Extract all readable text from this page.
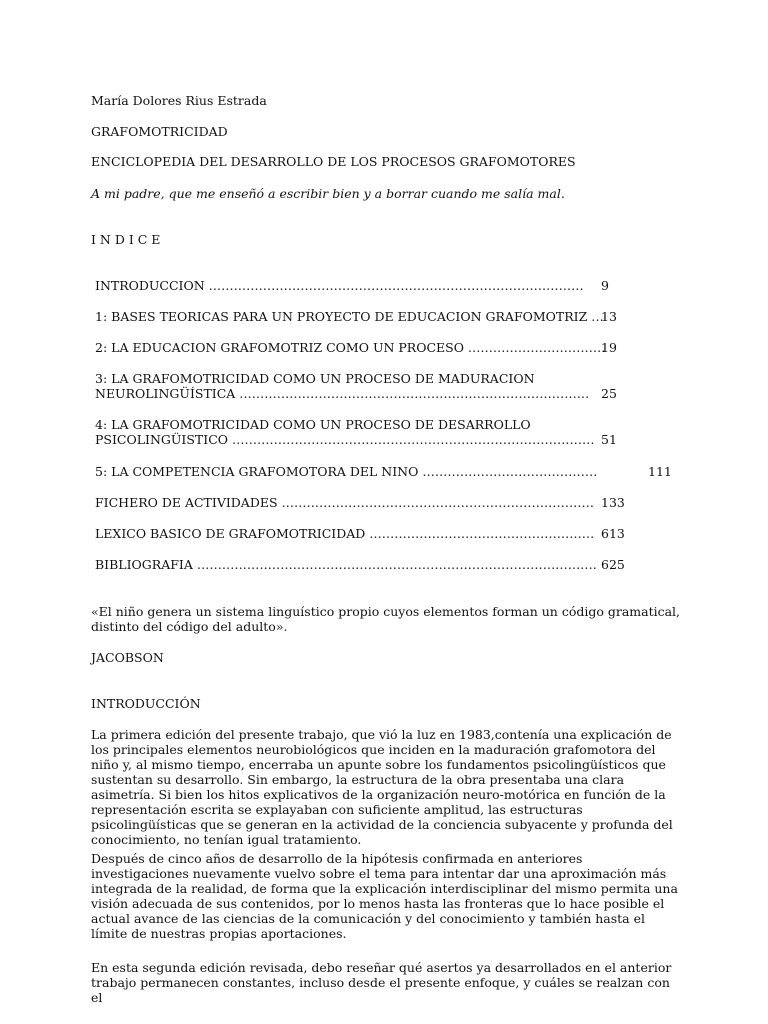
María Dolores Rius Estrada
GRAFOMOTRICIDAD
ENCICLOPEDIA DEL DESARROLLO DE LOS PROCESOS GRAFOMOTORES
A mi padre, que me enseñó a escribir bien y a borrar cuando me salía mal.
I N D I C E
INTRODUCCION ………………………………………………………………………………	9
1: BASES TEORICAS PARA UN PROYECTO DE EDUCACION GRAFOMOTRIZ …
13
2: LA EDUCACION GRAFOMOTRIZ COMO UN PROCESO ……………………………
19
3: LA GRAFOMOTRICIDAD COMO UN PROCESO DE MADURACION
NEUROLINGÜÍSTICA ………………………………………………………………………… 25
4: LA GRAFOMOTRICIDAD COMO UN PROCESO DE DESARROLLO
PSICOLINGÜISTICO …………………………………………………………………………… 51
5: LA COMPETENCIA GRAFOMOTORA DEL NINO ……………………………………	111
FICHERO DE ACTIVIDADES ………………………………………………………………… 133
LEXICO BASICO DE GRAFOMOTRICIDAD ……………………………………………… 613
BIBLIOGRAFIA …………………………………………………………………………………… 625
«El niño genera un sistema linguístico propio cuyos elementos forman un código gramatical,
distinto del código del adulto».
JACOBSON
INTRODUCCIÓN
La primera edición del presente trabajo, que vió la luz en 1983,contenía una explicación de los principales elementos neurobiológicos que inciden en la maduración grafomotora del niño y, al mismo tiempo, encerraba un apunte sobre los fundamentos psicolingüísticos que sustentan su desarrollo. Sin embargo, la estructura de la obra presentaba una clara asimetría. Si bien los hitos explicativos de la organización neuro-motórica en función de la representación escrita se explayaban con suficiente amplitud, las estructuras psicolingüísticas que se generan en la actividad de la conciencia subyacente y profunda del conocimiento, no tenían igual tratamiento.
Después de cinco años de desarrollo de la hipótesis confirmada en anteriores investigaciones nuevamente vuelvo sobre el tema para intentar dar una aproximación más integrada de la realidad, de forma que la explicación interdisciplinar del mismo permita una visión adecuada de sus contenidos, por lo menos hasta las fronteras que lo hace posible el actual avance de las ciencias de la comunicación y del conocimiento y también hasta el límite de nuestras propias aportaciones.
En esta segunda edición revisada, debo reseñar qué asertos ya desarrollados en el anterior trabajo permanecen constantes, incluso desde el presente enfoque, y cuáles se realzan con el
